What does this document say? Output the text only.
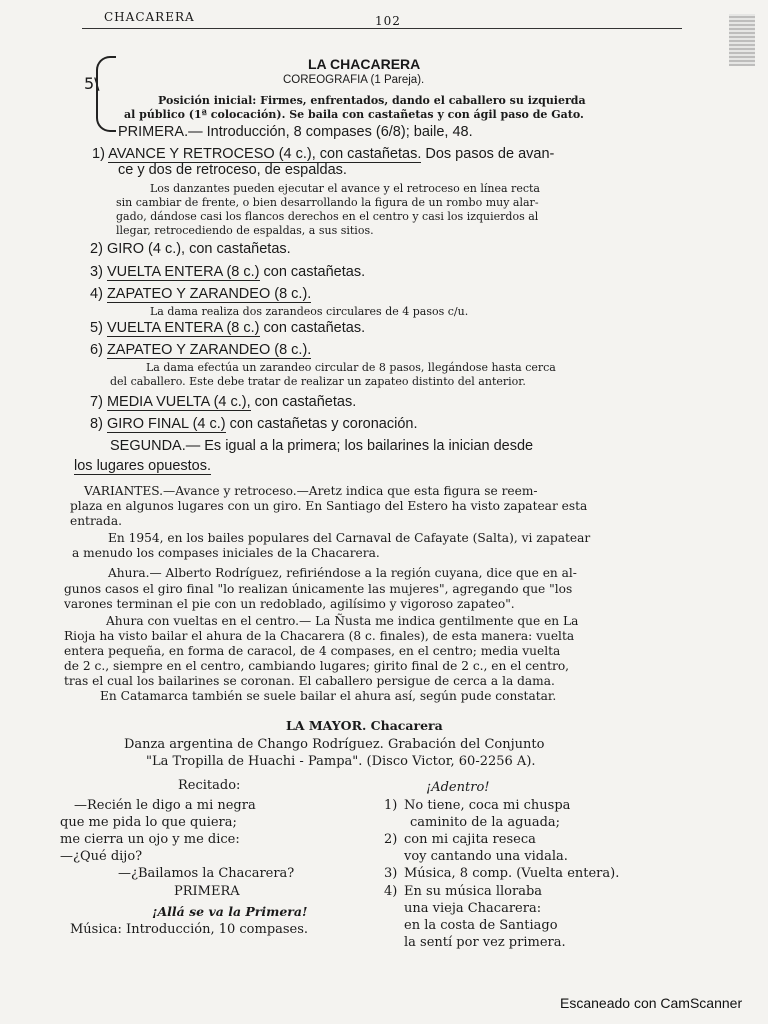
CHACARERA	102
5\
LA CHACARERA
COREOGRAFIA (1 Pareja).
Posición inicial: Firmes, enfrentados, dando el caballero su izquierda
al público (1ª colocación). Se baila con castañetas y con ágil paso de Gato.
PRIMERA.— Introducción, 8 compases (6/8); baile, 48.
1) AVANCE Y RETROCESO (4 c.), con castañetas. Dos pasos de avan-
ce y dos de retroceso, de espaldas.
Los danzantes pueden ejecutar el avance y el retroceso en línea recta
sin cambiar de frente, o bien desarrollando la figura de un rombo muy alar-
gado, dándose casi los flancos derechos en el centro y casi los izquierdos al
llegar, retrocediendo de espaldas, a sus sitios.
2) GIRO (4 c.), con castañetas.
3) VUELTA ENTERA (8 c.) con castañetas.
4) ZAPATEO Y ZARANDEO (8 c.).
La dama realiza dos zarandeos circulares de 4 pasos c/u.
5) VUELTA ENTERA (8 c.) con castañetas.
6) ZAPATEO Y ZARANDEO (8 c.).
La dama efectúa un zarandeo circular de 8 pasos, llegándose hasta cerca
del caballero. Este debe tratar de realizar un zapateo distinto del anterior.
7) MEDIA VUELTA (4 c.), con castañetas.
8) GIRO FINAL (4 c.) con castañetas y coronación.
SEGUNDA.— Es igual a la primera; los bailarines la inician desde
los lugares opuestos.
VARIANTES.—Avance y retroceso.—Aretz indica que esta figura se reem-
plaza en algunos lugares con un giro. En Santiago del Estero ha visto zapatear esta
entrada.
En 1954, en los bailes populares del Carnaval de Cafayate (Salta), vi zapatear
a menudo los compases iniciales de la Chacarera.
Ahura.— Alberto Rodríguez, refiriéndose a la región cuyana, dice que en al-
gunos casos el giro final "lo realizan únicamente las mujeres", agregando que "los
varones terminan el pie con un redoblado, agilísimo y vigoroso zapateo".
Ahura con vueltas en el centro.— La Ñusta me indica gentilmente que en La
Rioja ha visto bailar el ahura de la Chacarera (8 c. finales), de esta manera: vuelta
entera pequeña, en forma de caracol, de 4 compases, en el centro; media vuelta
de 2 c., siempre en el centro, cambiando lugares; girito final de 2 c., en el centro,
tras el cual los bailarines se coronan. El caballero persigue de cerca a la dama.
En Catamarca también se suele bailar el ahura así, según pude constatar.
LA MAYOR. Chacarera
Danza argentina de Chango Rodríguez. Grabación del Conjunto
"La Tropilla de Huachi - Pampa". (Disco Victor, 60-2256 A).
Recitado:	¡Adentro!
—Recién le digo a mi negra
que me pida lo que quiera;
me cierra un ojo y me dice:
—¿Qué dijo?
—¿Bailamos la Chacarera?
PRIMERA
¡Allá se va la Primera!
Música: Introducción, 10 compases.
1) No tiene, coca mi chuspa
caminito de la aguada;
2) con mi cajita reseca
voy cantando una vidala.
3) Música, 8 comp. (Vuelta entera).
4) En su música lloraba
una vieja Chacarera:
en la costa de Santiago
la sentí por vez primera.
Escaneado con CamScanner
